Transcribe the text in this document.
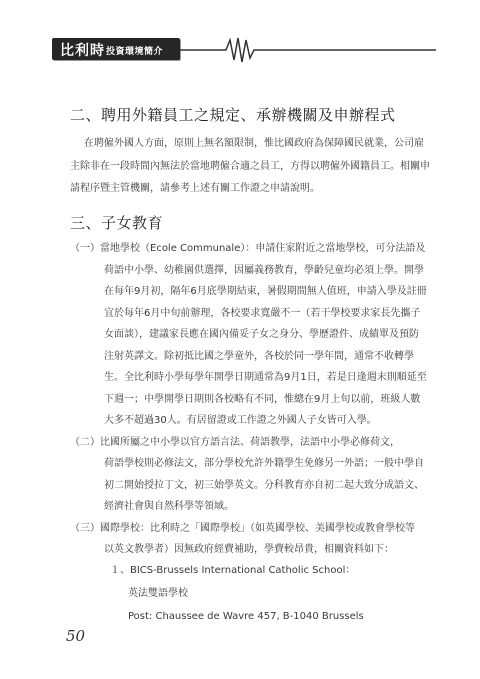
比利時 投資環境簡介
二、聘用外籍員工之規定、承辦機關及申辦程式
在聘僱外國人方面，原則上無名額限制，惟比國政府為保障國民就業，公司雇
主除非在一段時間內無法於當地聘僱合適之員工，方得以聘僱外國籍員工。相關申
請程序暨主管機關，請參考上述有關工作證之申請說明。
三、子女教育
（一）當地學校（Ecole Communale）：申請住家附近之當地學校，可分法語及
荷語中小學、幼稚園供選擇，因屬義務教育，學齡兒童均必須上學。開學
在每年9月初，隔年6月底學期結束，暑假期間無人值班，申請入學及註冊
宜於每年6月中旬前辦理，各校要求寬嚴不一（若干學校要求家長先攜子
女面談），建議家長應在國內備妥子女之身分、學歷證件、成績單及預防
注射英譯文。除初抵比國之學童外，各校於同一學年間，通常不收轉學
生。全比利時小學每學年開學日期通常為9月1日，若是日逢週末則順延至
下週一；中學開學日期則各校略有不同，惟總在9月上旬以前，班級人數
大多不超過30人。有居留證或工作證之外國人子女皆可入學。
（二）比國所屬之中小學以官方語言法、荷語教學，法語中小學必修荷文，
荷語學校則必修法文，部分學校允許外籍學生免修另一外語；一般中學自
初二開始授拉丁文，初三始學英文。分科教育亦自初二起大致分成語文、
經濟社會與自然科學等領域。
（三）國際學校：比利時之「國際學校」（如英國學校、美國學校或教會學校等
以英文教學者）因無政府經費補助，學費較昂貴，相關資料如下：
１、BICS-Brussels International Catholic School：
英法雙語學校
Post: Chaussee de Wavre 457, B-1040 Brussels
50
